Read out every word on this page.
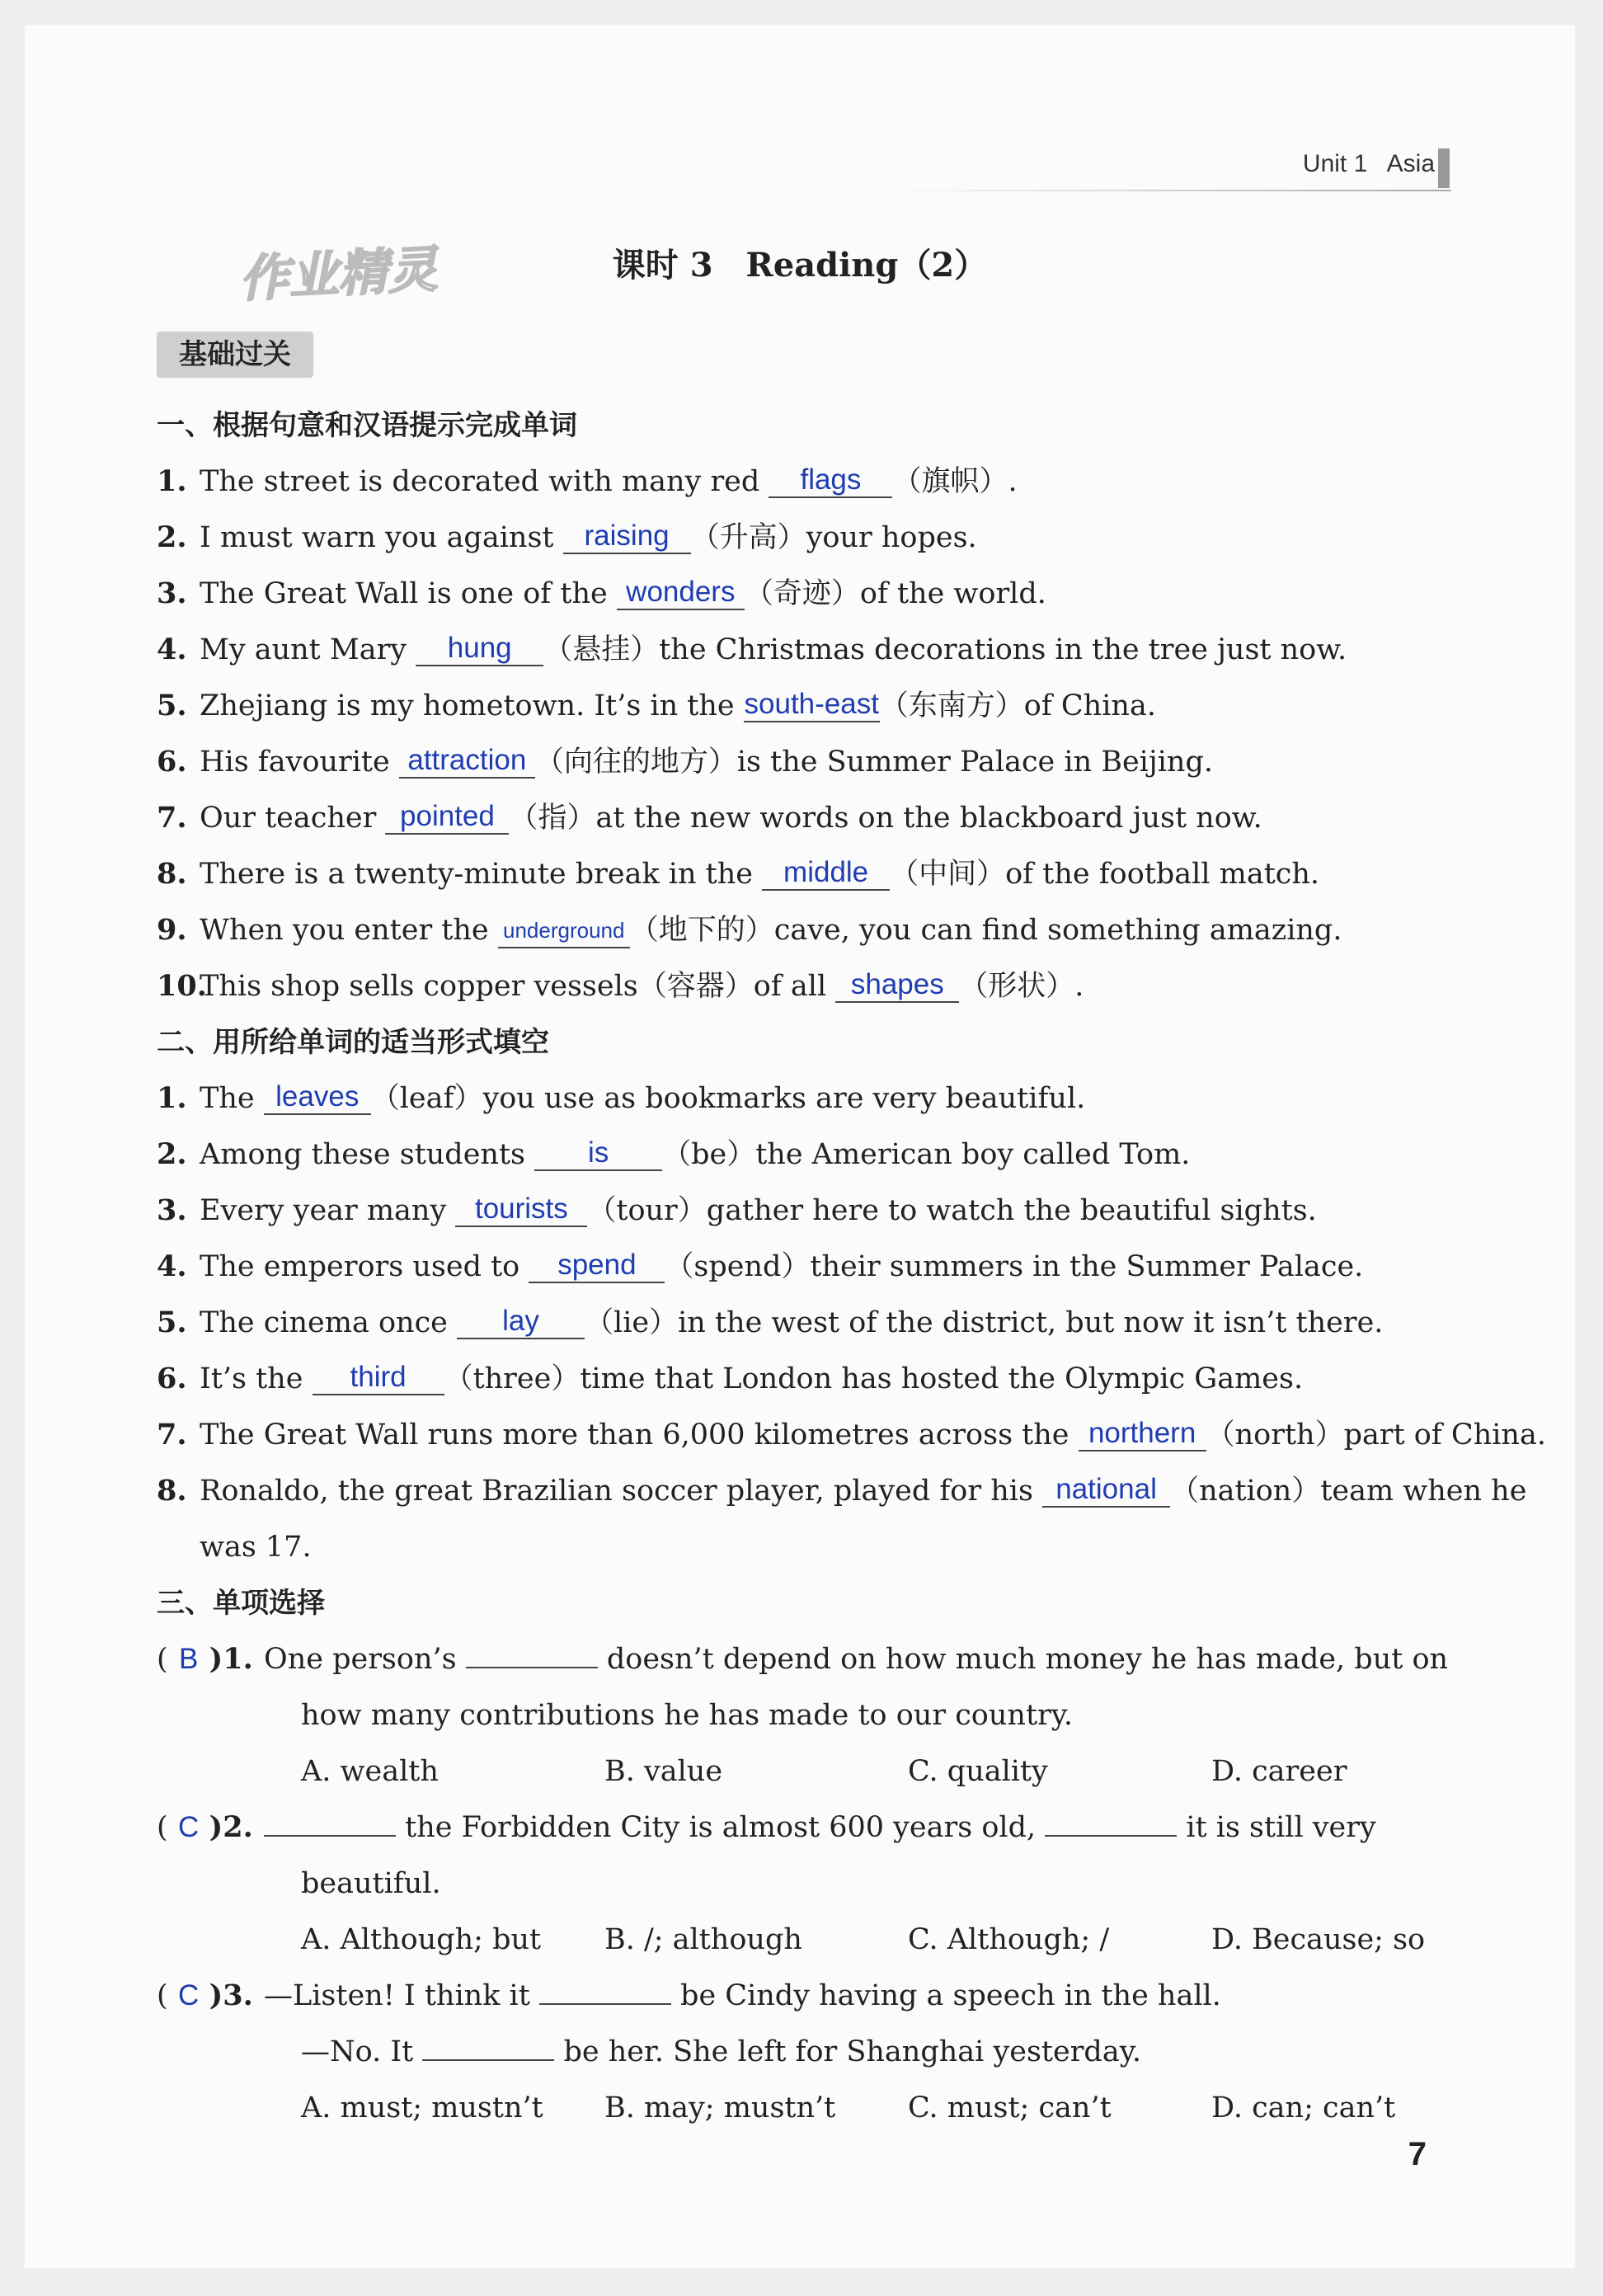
Unit 1 Asia
作业精灵	课时 3　Reading（2）
基础过关
一、根据句意和汉语提示完成单词
1. The street is decorated with many red flags （旗帜）.
2. I must warn you against raising （升高）your hopes.
3. The Great Wall is one of the wonders （奇迹）of the world.
4. My aunt Mary hung （悬挂）the Christmas decorations in the tree just now.
5. Zhejiang is my hometown. It’s in the south-east（东南方）of China.
6. His favourite attraction （向往的地方）is the Summer Palace in Beijing.
7. Our teacher pointed （指）at the new words on the blackboard just now.
8. There is a twenty-minute break in the middle （中间）of the football match.
9. When you enter the underground （地下的）cave, you can find something amazing.
10.This shop sells copper vessels（容器）of all shapes （形状）.
二、用所给单词的适当形式填空
1. The leaves （leaf）you use as bookmarks are very beautiful.
2. Among these students is （be）the American boy called Tom.
3. Every year many tourists （tour）gather here to watch the beautiful sights.
4. The emperors used to spend （spend）their summers in the Summer Palace.
5. The cinema once lay （lie）in the west of the district, but now it isn’t there.
6. It’s the third （three）time that London has hosted the Olympic Games.
7. The Great Wall runs more than 6,000 kilometres across the northern （north）part of China.
8. Ronaldo, the great Brazilian soccer player, played for his national （nation）team when he
was 17.
三、单项选择
( B )1. One person’s	doesn’t depend on how much money he has made, but on
how many contributions he has made to our country.
A. wealth	B. value	C. quality	D. career
( C )2.	the Forbidden City is almost 600 years old,	it is still very
beautiful.
A. Although; but B. /; although	C. Although; /	D. Because; so
( C )3. —Listen! I think it	be Cindy having a speech in the hall.
—No. It	be her. She left for Shanghai yesterday.
A. must; mustn’t B. may; mustn’t	C. must; can’t	D. can; can’t
7
